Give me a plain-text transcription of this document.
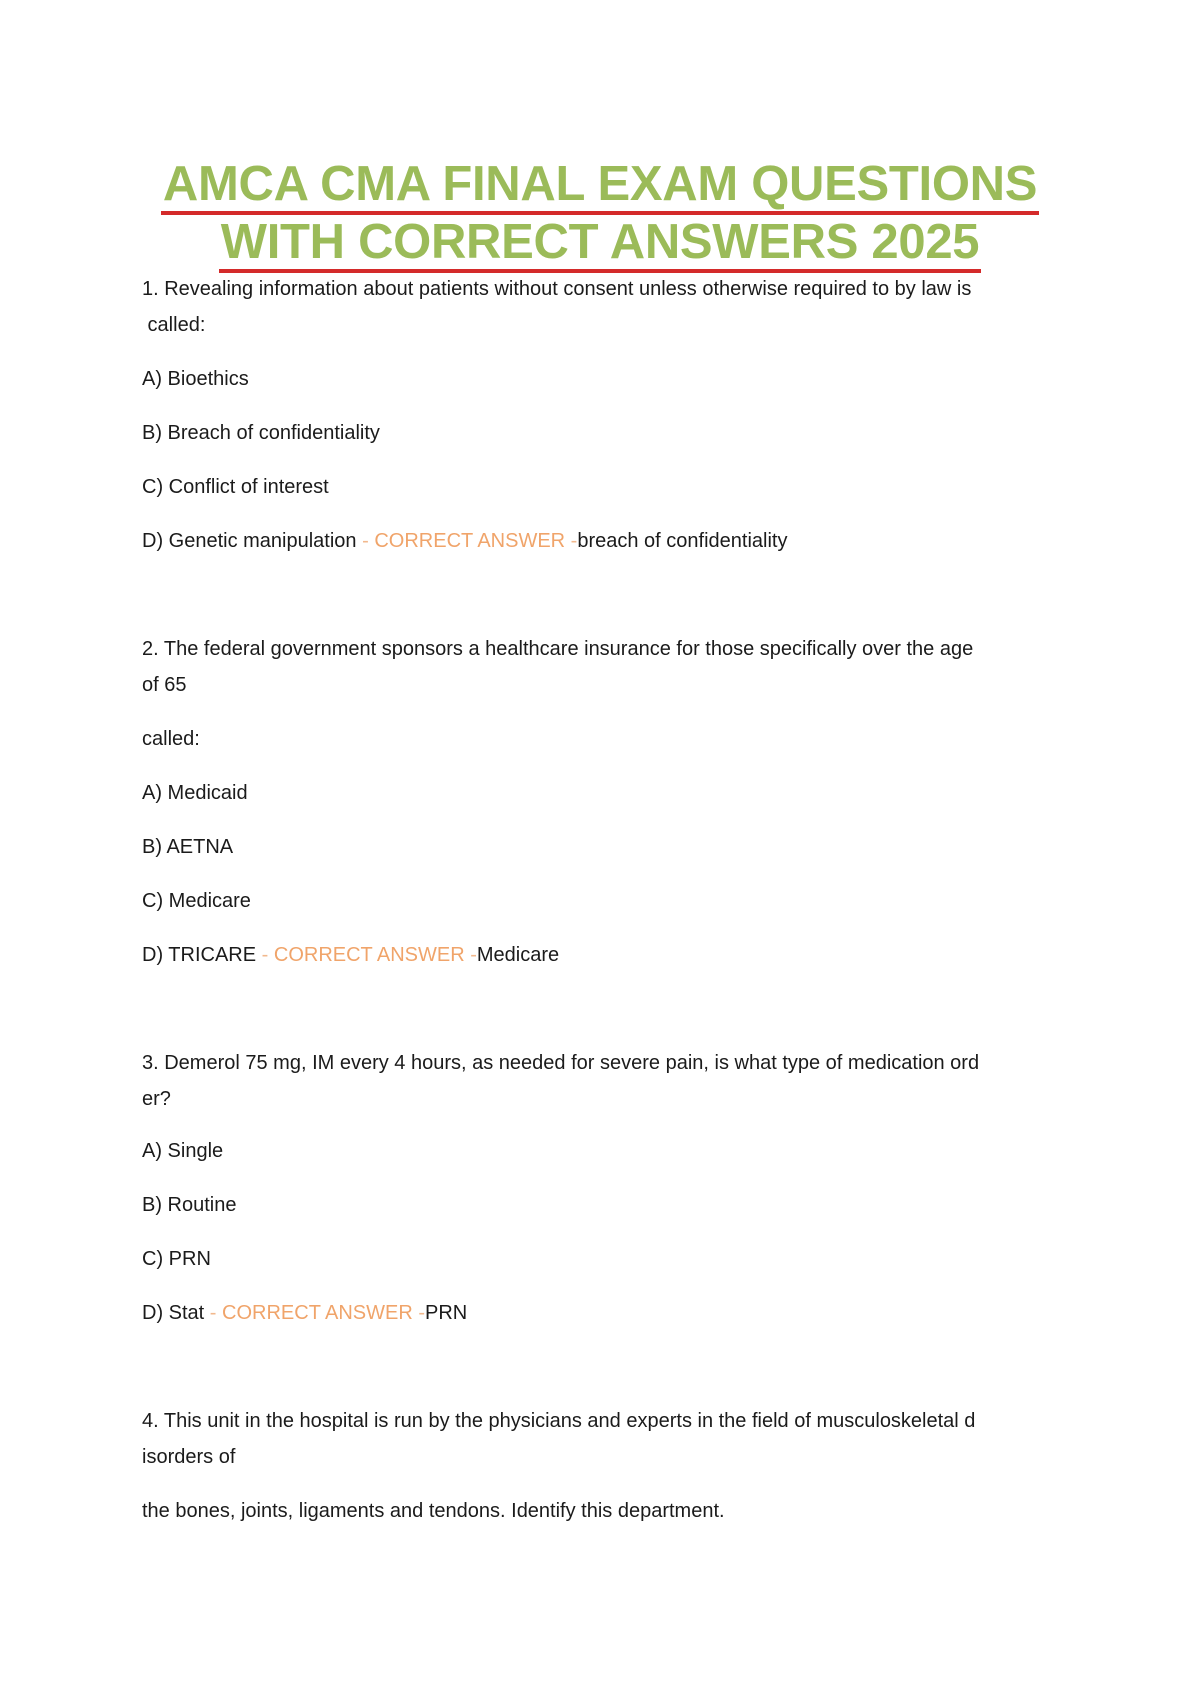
AMCA CMA FINAL EXAM QUESTIONS
WITH CORRECT ANSWERS 2025

1. Revealing information about patients without consent unless otherwise required to by law is

called:

A) Bioethics

B) Breach of confidentiality

C) Conflict of interest

D) Genetic manipulation - CORRECT ANSWER -breach of confidentiality

2. The federal government sponsors a healthcare insurance for those specifically over the age

of 65

called:

A) Medicaid

B) AETNA

C) Medicare

D) TRICARE - CORRECT ANSWER -Medicare

3. Demerol 75 mg, IM every 4 hours, as needed for severe pain, is what type of medication ord

er?

A) Single

B) Routine

C) PRN

D) Stat - CORRECT ANSWER -PRN

4. This unit in the hospital is run by the physicians and experts in the field of musculoskeletal d

isorders of

the bones, joints, ligaments and tendons. Identify this department.
